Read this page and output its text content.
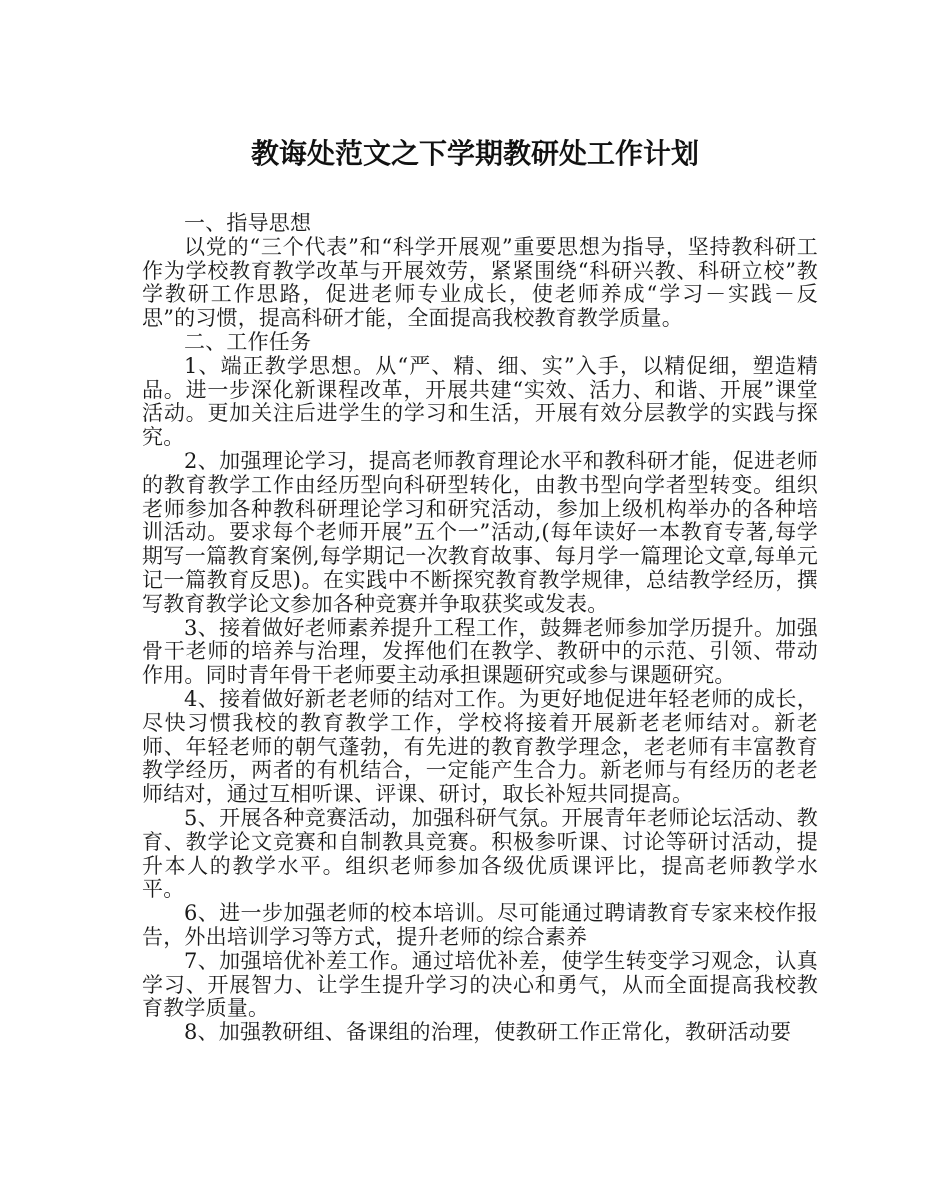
教诲处范文之下学期教研处工作计划

一、指导思想

以党的“三个代表”和“科学开展观”重要思想为指导，坚持教科研工作为学校教育教学改革与开展效劳，紧紧围绕“科研兴教、科研立校”教学教研工作思路，促进老师专业成长，使老师养成“学习－实践－反思”的习惯，提高科研才能，全面提高我校教育教学质量。

二、工作任务

1、端正教学思想。从“严、精、细、实”入手，以精促细，塑造精品。进一步深化新课程改革，开展共建“实效、活力、和谐、开展”课堂活动。更加关注后进学生的学习和生活，开展有效分层教学的实践与探究。

2、加强理论学习，提高老师教育理论水平和教科研才能，促进老师的教育教学工作由经历型向科研型转化，由教书型向学者型转变。组织老师参加各种教科研理论学习和研究活动，参加上级机构举办的各种培训活动。要求每个老师开展”五个一”活动,(每年读好一本教育专著,每学期写一篇教育案例,每学期记一次教育故事、每月学一篇理论文章,每单元记一篇教育反思)。在实践中不断探究教育教学规律，总结教学经历，撰写教育教学论文参加各种竞赛并争取获奖或发表。

3、接着做好老师素养提升工程工作，鼓舞老师参加学历提升。加强骨干老师的培养与治理，发挥他们在教学、教研中的示范、引领、带动作用。同时青年骨干老师要主动承担课题研究或参与课题研究。

4、接着做好新老老师的结对工作。为更好地促进年轻老师的成长，尽快习惯我校的教育教学工作，学校将接着开展新老老师结对。新老师、年轻老师的朝气蓬勃，有先进的教育教学理念，老老师有丰富教育教学经历，两者的有机结合，一定能产生合力。新老师与有经历的老老师结对，通过互相听课、评课、研讨，取长补短共同提高。

5、开展各种竞赛活动，加强科研气氛。开展青年老师论坛活动、教育、教学论文竞赛和自制教具竞赛。积极参听课、讨论等研讨活动，提升本人的教学水平。组织老师参加各级优质课评比，提高老师教学水平。

6、进一步加强老师的校本培训。尽可能通过聘请教育专家来校作报告，外出培训学习等方式，提升老师的综合素养

7、加强培优补差工作。通过培优补差，使学生转变学习观念，认真学习、开展智力、让学生提升学习的决心和勇气，从而全面提高我校教育教学质量。

8、加强教研组、备课组的治理，使教研工作正常化，教研活动要
